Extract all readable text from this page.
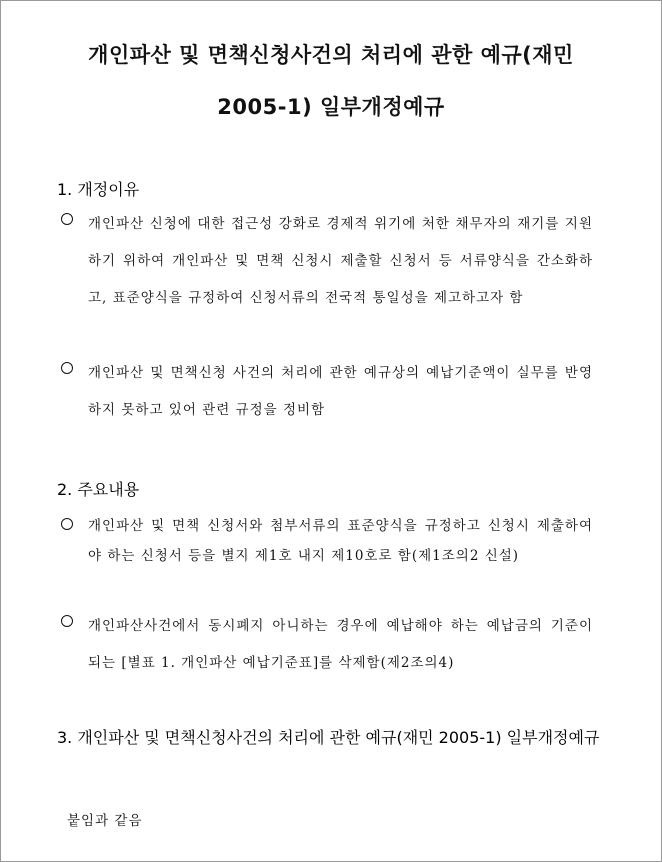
개인파산 및 면책신청사건의 처리에 관한 예규(재민
2005-1) 일부개정예규
1. 개정이유
개인파산 신청에 대한 접근성 강화로 경제적 위기에 처한 채무자의 재기를 지원하기 위하여 개인파산 및 면책 신청시 제출할 신청서 등 서류양식을 간소화하고, 표준양식을 규정하여 신청서류의 전국적 통일성을 제고하고자 함
개인파산 및 면책신청 사건의 처리에 관한 예규상의 예납기준액이 실무를 반영하지 못하고 있어 관련 규정을 정비함
2. 주요내용
개인파산 및 면책 신청서와 첨부서류의 표준양식을 규정하고 신청시 제출하여야 하는 신청서 등을 별지 제1호 내지 제10호로 함(제1조의2 신설)
개인파산사건에서 동시폐지 아니하는 경우에 예납해야 하는 예납금의 기준이 되는 [별표 1. 개인파산 예납기준표]를 삭제함(제2조의4)
3. 개인파산 및 면책신청사건의 처리에 관한 예규(재민 2005-1) 일부개정예규
붙임과 같음
